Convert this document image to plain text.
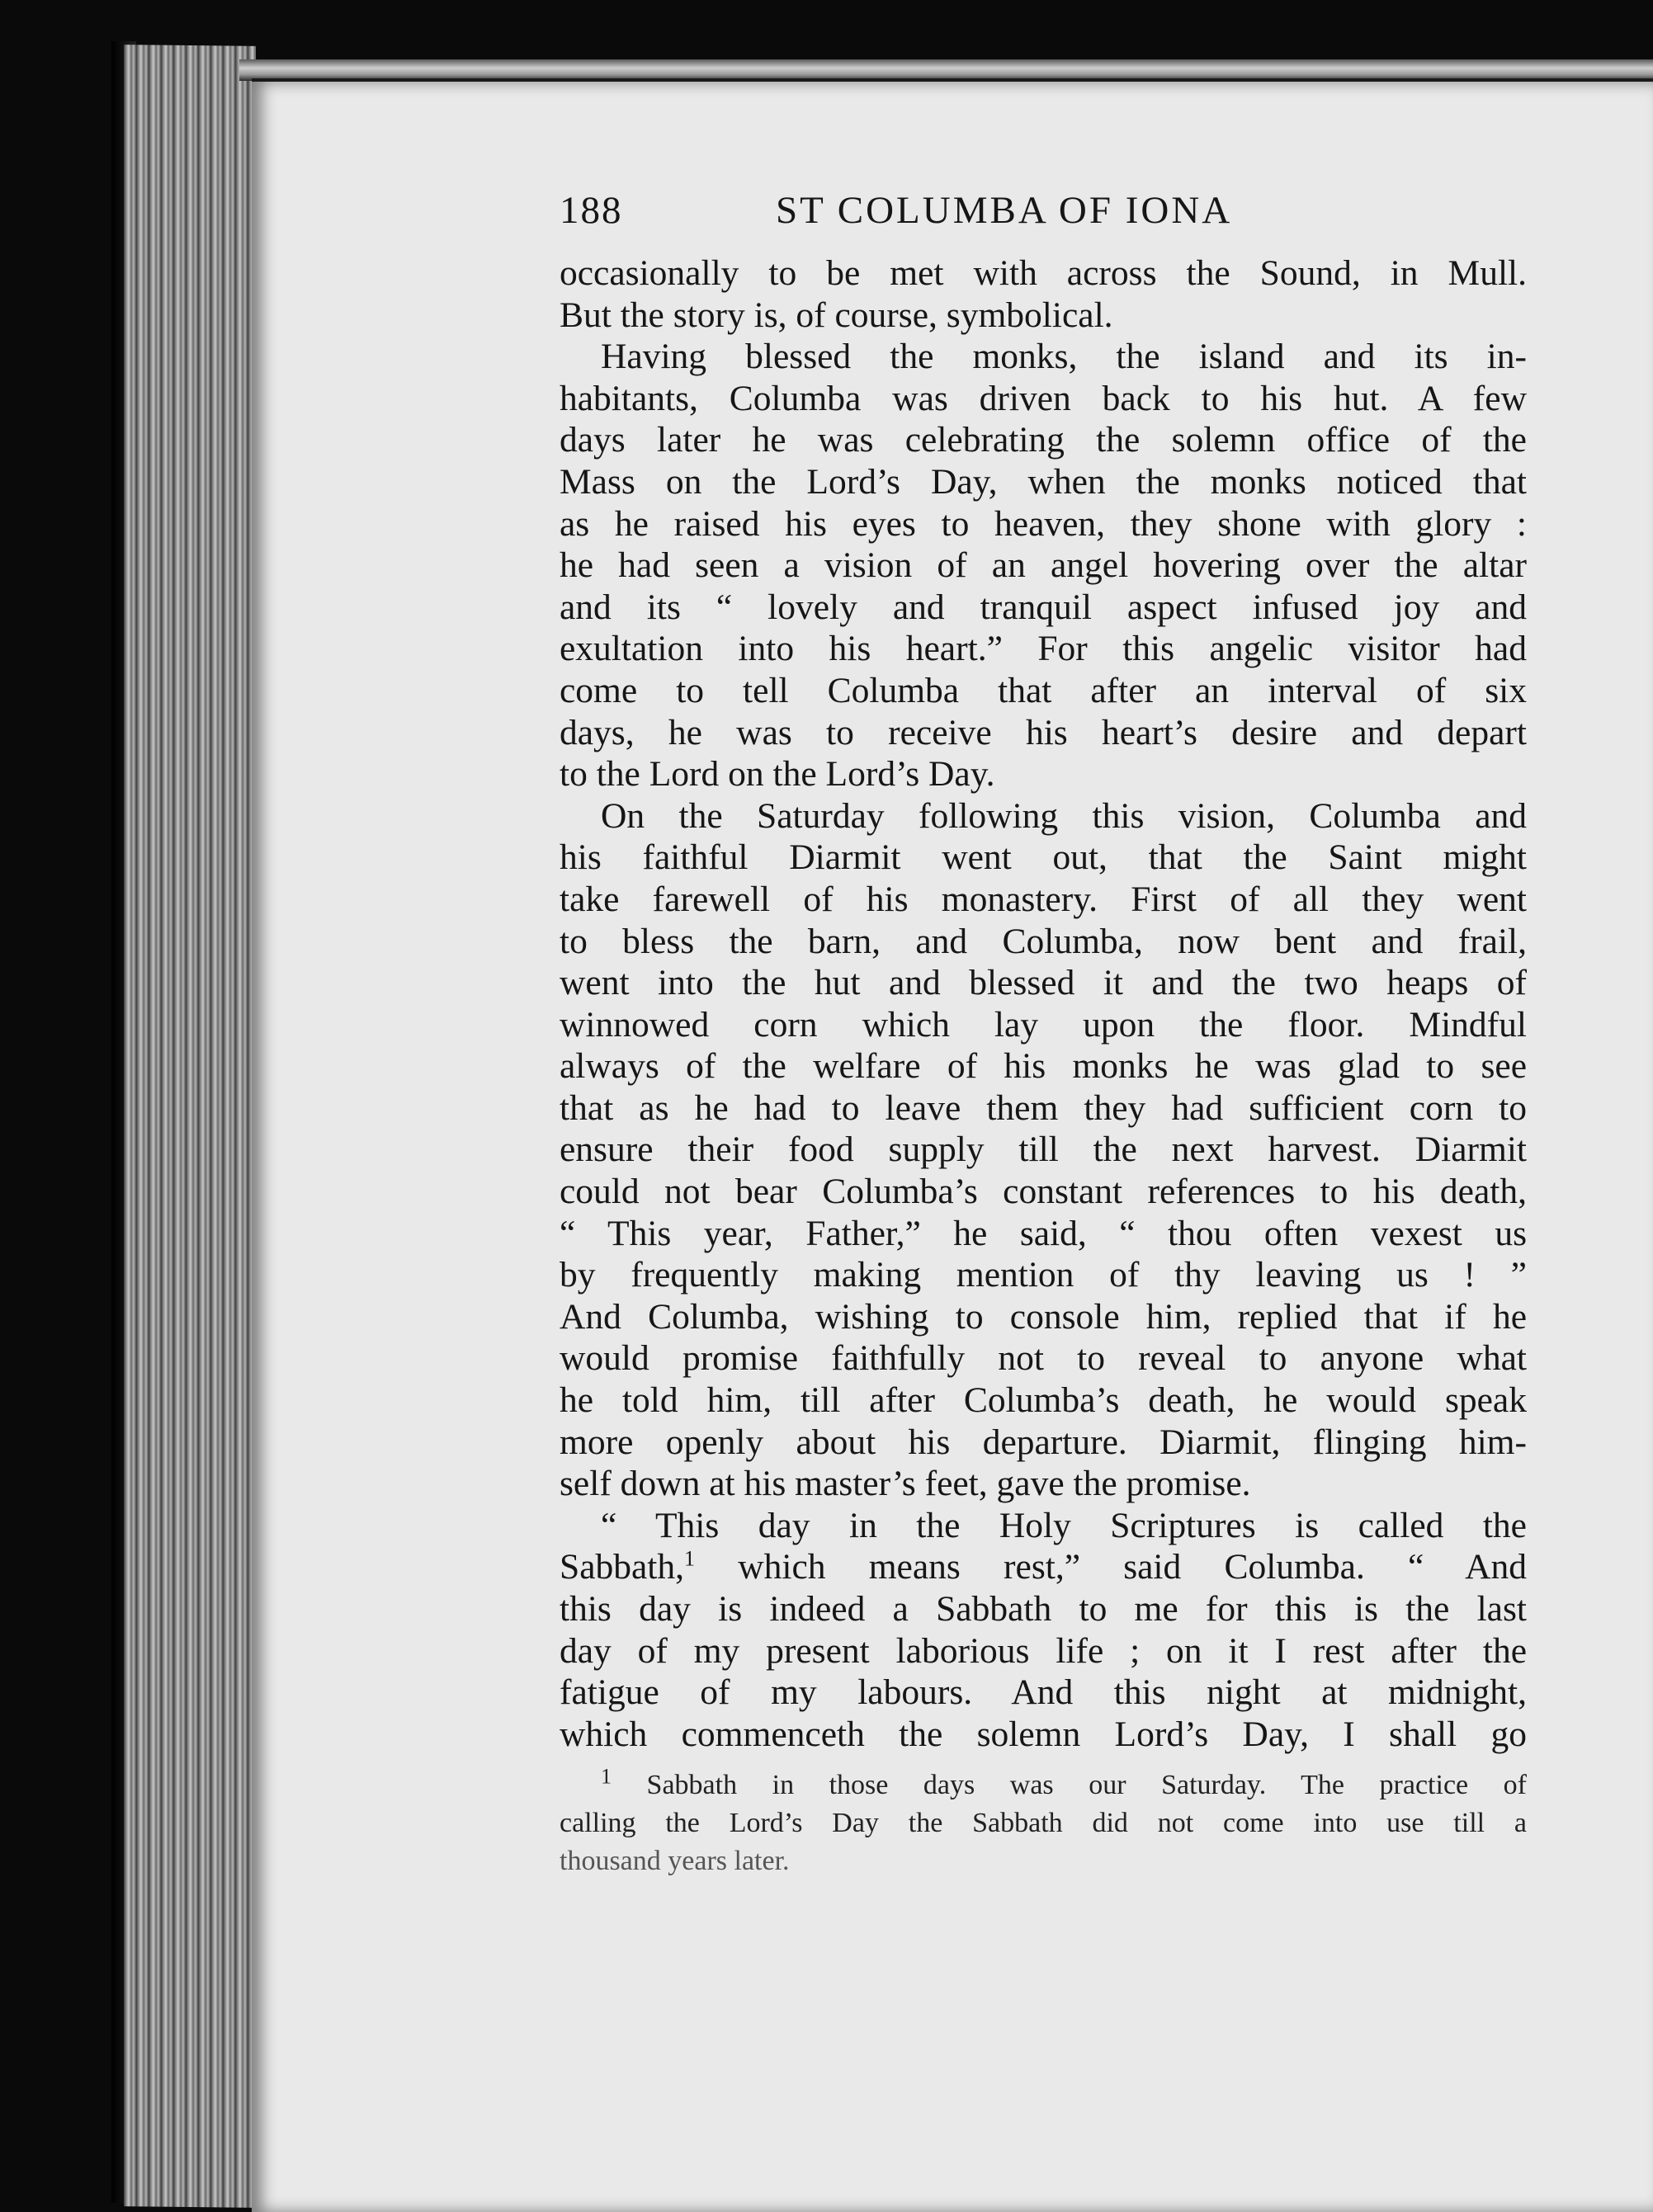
188	ST COLUMBA OF IONA
occasionally to be met with across the Sound, in Mull.
But the story is, of course, symbolical.
Having blessed the monks, the island and its in-
habitants, Columba was driven back to his hut. A few
days later he was celebrating the solemn office of the
Mass on the Lord’s Day, when the monks noticed that
as he raised his eyes to heaven, they shone with glory :
he had seen a vision of an angel hovering over the altar
and its “ lovely and tranquil aspect infused joy and
exultation into his heart.” For this angelic visitor had
come to tell Columba that after an interval of six
days, he was to receive his heart’s desire and depart
to the Lord on the Lord’s Day.
On the Saturday following this vision, Columba and
his faithful Diarmit went out, that the Saint might
take farewell of his monastery. First of all they went
to bless the barn, and Columba, now bent and frail,
went into the hut and blessed it and the two heaps of
winnowed corn which lay upon the floor. Mindful
always of the welfare of his monks he was glad to see
that as he had to leave them they had sufficient corn to
ensure their food supply till the next harvest. Diarmit
could not bear Columba’s constant references to his death,
“ This year, Father,” he said, “ thou often vexest us
by frequently making mention of thy leaving us ! ”
And Columba, wishing to console him, replied that if he
would promise faithfully not to reveal to anyone what
he told him, till after Columba’s death, he would speak
more openly about his departure. Diarmit, flinging him-
self down at his master’s feet, gave the promise.
“ This day in the Holy Scriptures is called the
Sabbath,$^1$ which means rest,” said Columba. “ And
this day is indeed a Sabbath to me for this is the last
day of my present laborious life ; on it I rest after the
fatigue of my labours. And this night at midnight,
which commenceth the solemn Lord’s Day, I shall go
$^1$ Sabbath in those days was our Saturday. The practice of
calling the Lord’s Day the Sabbath did not come into use till a
thousand years later.
